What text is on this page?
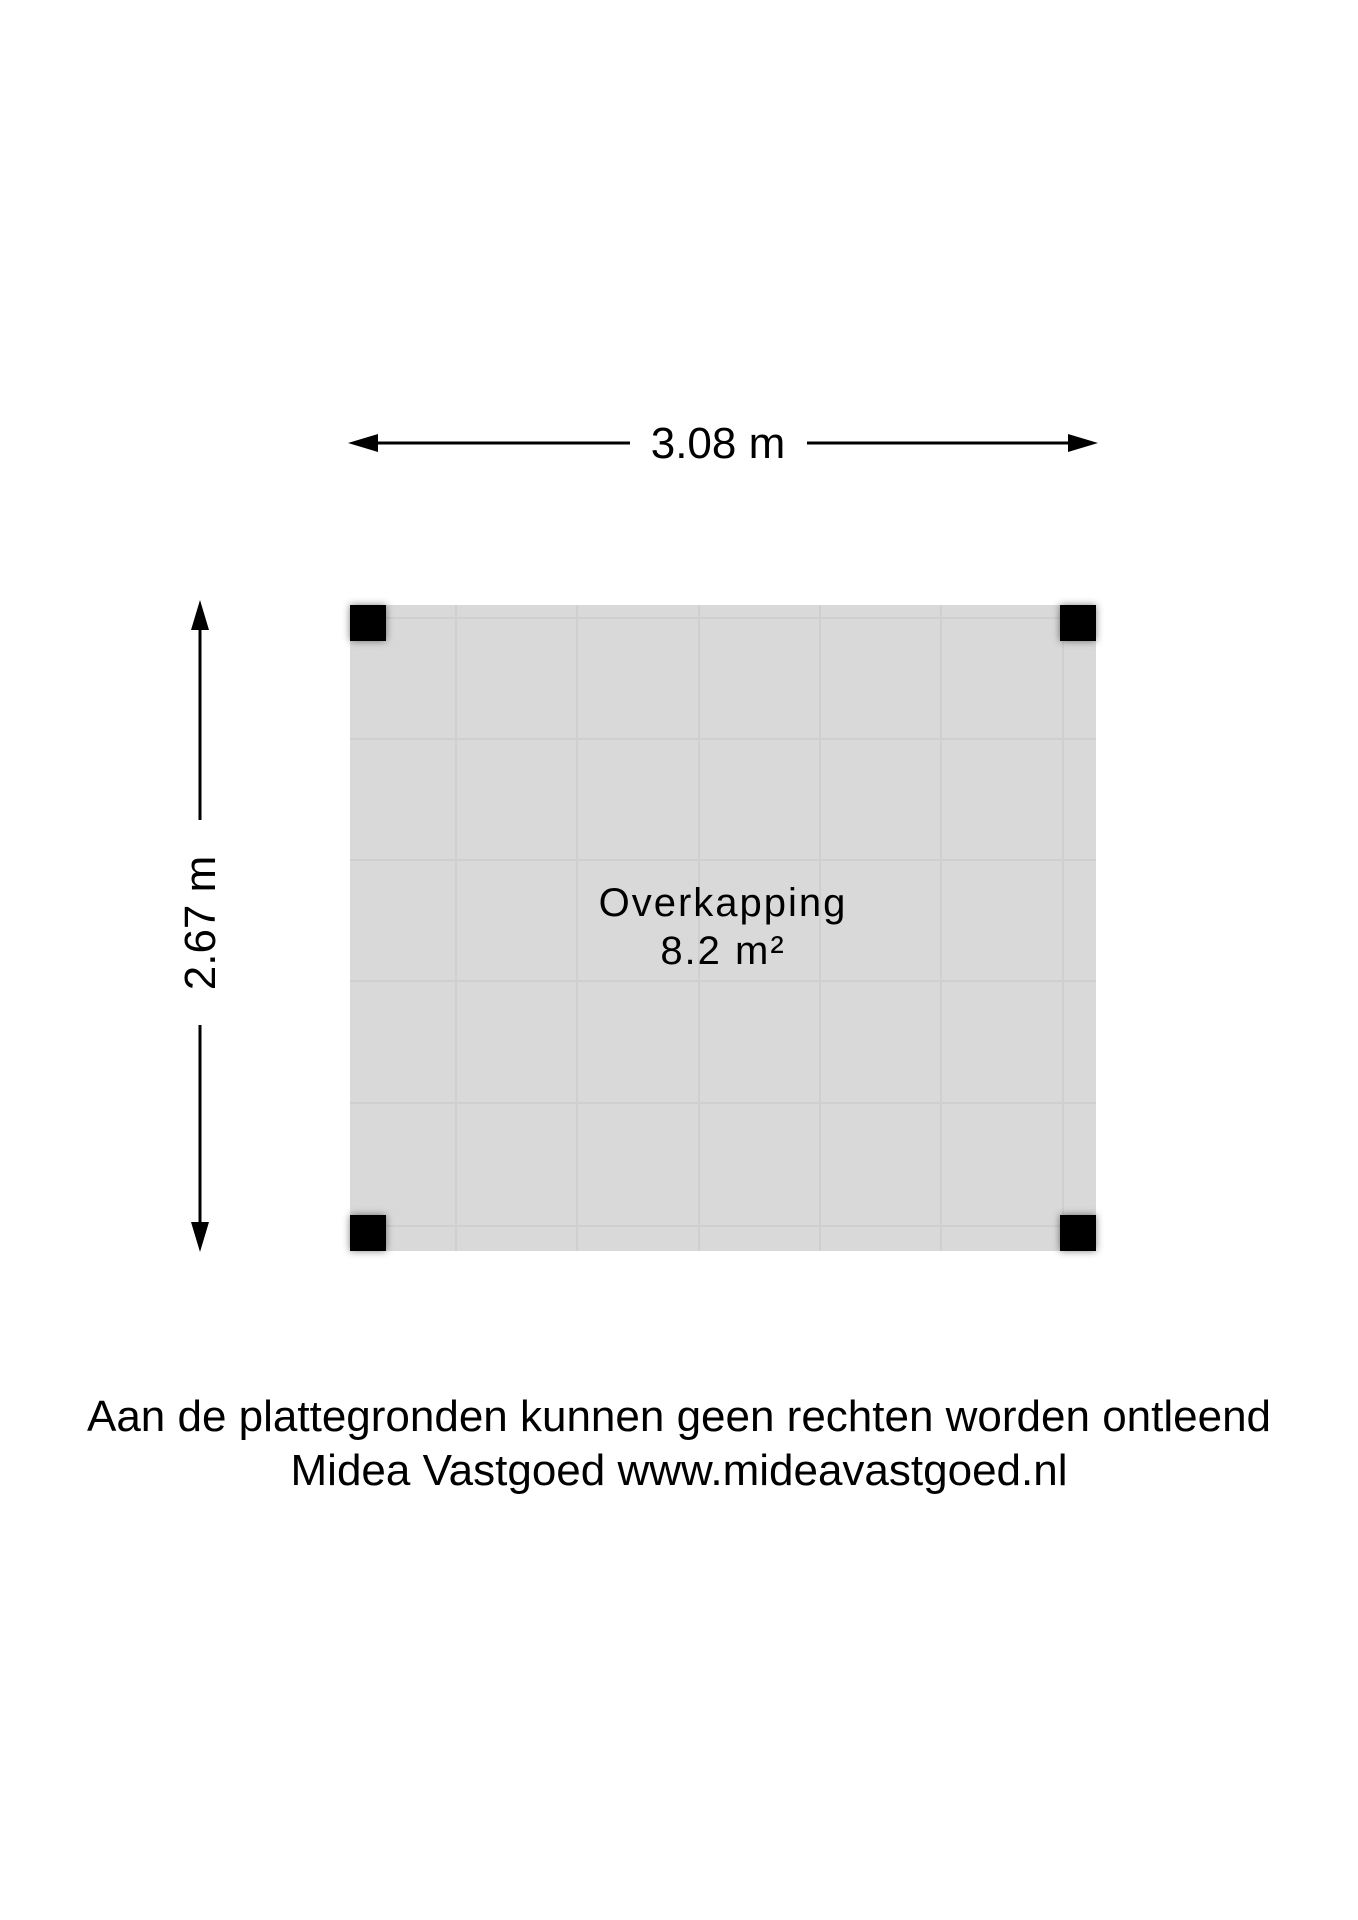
3.08 m
2.67 m	Overkapping
8.2 m²
Aan de plattegronden kunnen geen rechten worden ontleend
Midea Vastgoed www.mideavastgoed.nl
